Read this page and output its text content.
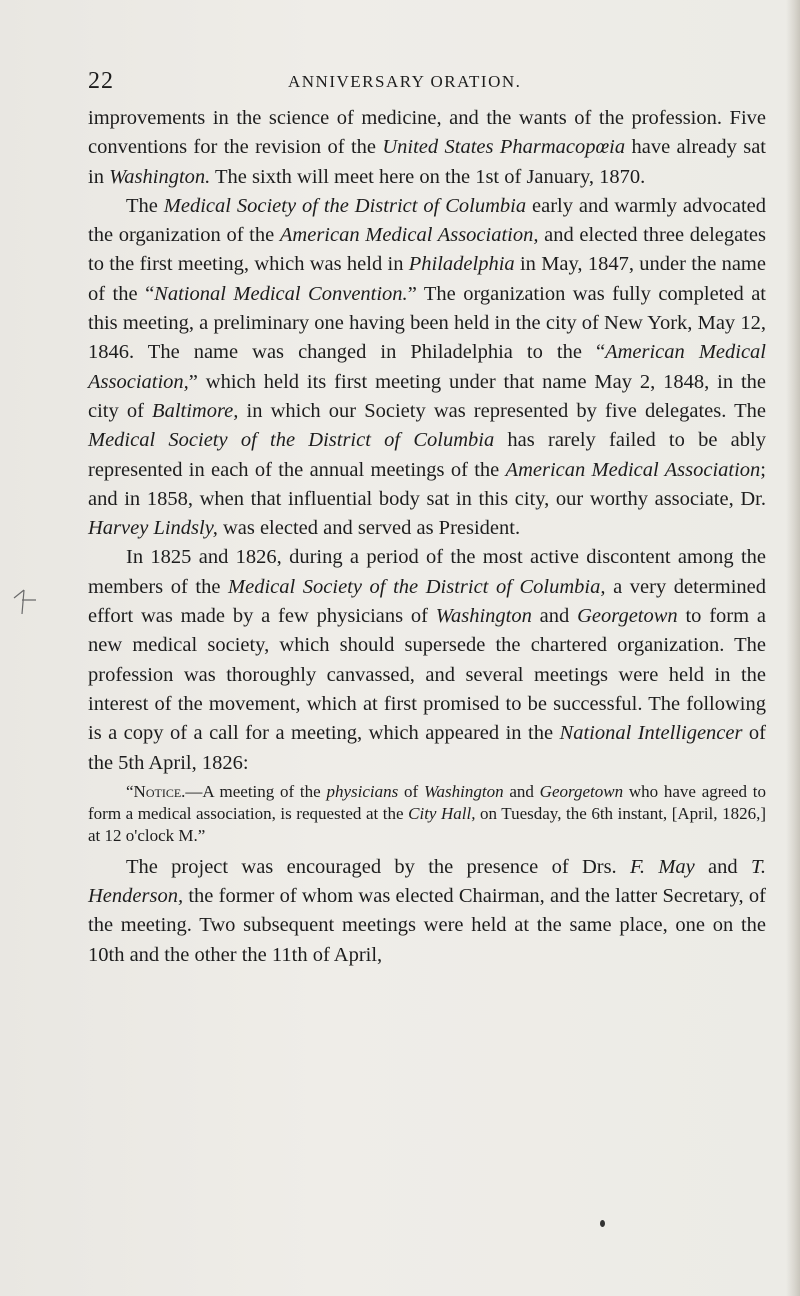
22	ANNIVERSARY ORATION.

improvements in the science of medicine, and the wants of the profession. Five conventions for the revision of the United States Pharmacopœia have already sat in Washington. The sixth will meet here on the 1st of January, 1870.

The Medical Society of the District of Columbia early and warmly advocated the organization of the American Medical Association, and elected three delegates to the first meeting, which was held in Philadelphia in May, 1847, under the name of the “National Medical Convention.” The organization was fully completed at this meeting, a preliminary one having been held in the city of New York, May 12, 1846. The name was changed in Philadelphia to the “American Medical Association,” which held its first meeting under that name May 2, 1848, in the city of Baltimore, in which our Society was represented by five delegates. The Medical Society of the District of Columbia has rarely failed to be ably represented in each of the annual meetings of the American Medical Association; and in 1858, when that influential body sat in this city, our worthy associate, Dr. Harvey Lindsly, was elected and served as President.

In 1825 and 1826, during a period of the most active discontent among the members of the Medical Society of the District of Columbia, a very determined effort was made by a few physicians of Washington and Georgetown to form a new medical society, which should supersede the chartered organization. The profession was thoroughly canvassed, and several meetings were held in the interest of the movement, which at first promised to be successful. The following is a copy of a call for a meeting, which appeared in the National Intelligencer of the 5th April, 1826:

“Notice.—A meeting of the physicians of Washington and Georgetown who have agreed to form a medical association, is requested at the City Hall, on Tuesday, the 6th instant, [April, 1826,] at 12 o'clock M.”

The project was encouraged by the presence of Drs. F. May and T. Henderson, the former of whom was elected Chairman, and the latter Secretary, of the meeting. Two subsequent meetings were held at the same place, one on the 10th and the other the 11th of April,
